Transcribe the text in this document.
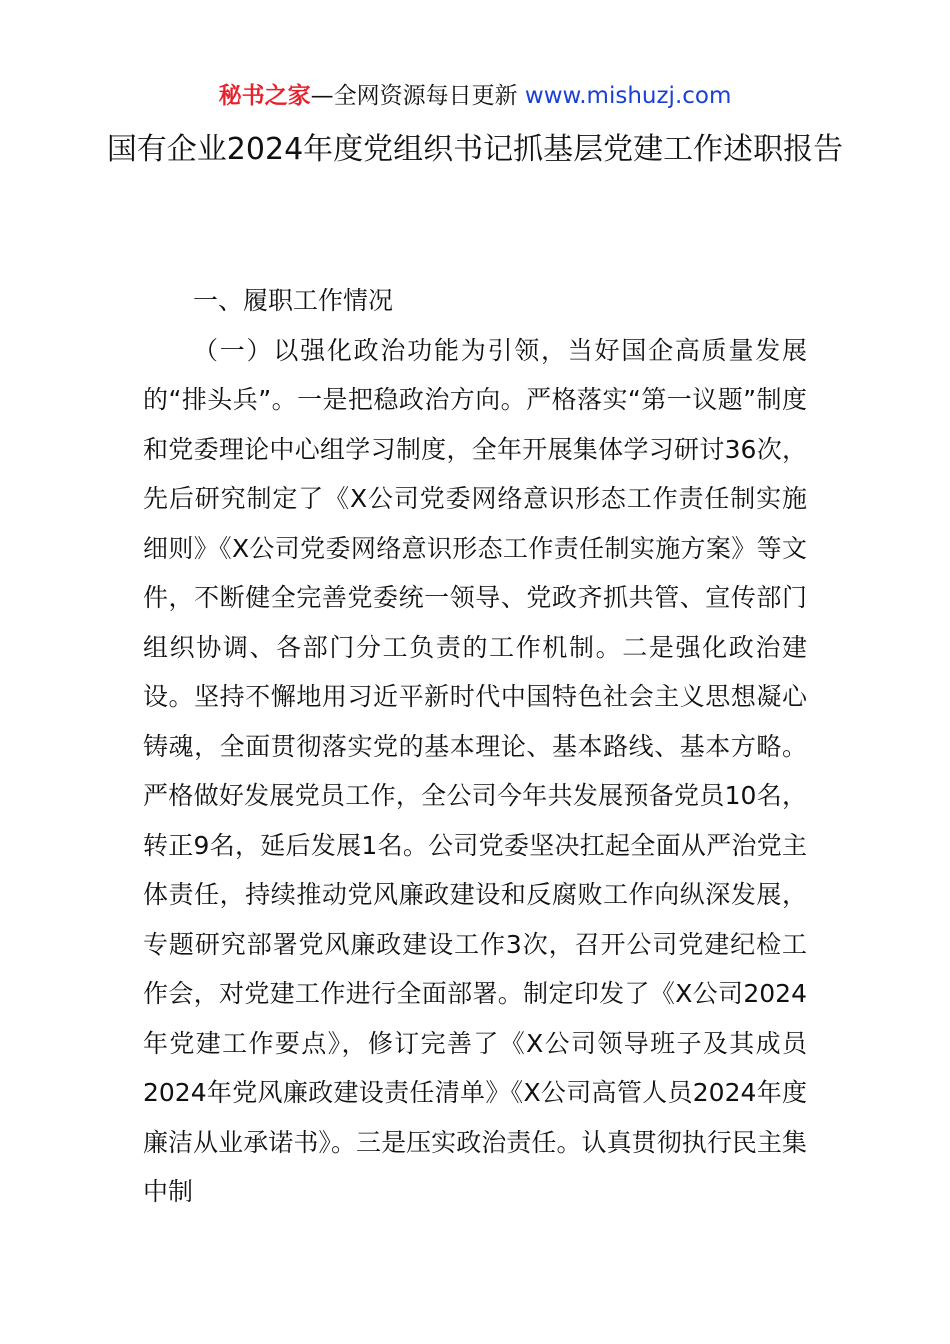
秘书之家—全网资源每日更新 www.mishuzj.com
国有企业2024年度党组织书记抓基层党建工作述职报告

一、履职工作情况

（一）以强化政治功能为引领，当好国企高质量发展的“排头兵”。一是把稳政治方向。严格落实“第一议题”制度和党委理论中心组学习制度，全年开展集体学习研讨36次，先后研究制定了《X公司党委网络意识形态工作责任制实施细则》《X公司党委网络意识形态工作责任制实施方案》等文件，不断健全完善党委统一领导、党政齐抓共管、宣传部门组织协调、各部门分工负责的工作机制。二是强化政治建设。坚持不懈地用习近平新时代中国特色社会主义思想凝心铸魂，全面贯彻落实党的基本理论、基本路线、基本方略。严格做好发展党员工作，全公司今年共发展预备党员10名，转正9名，延后发展1名。公司党委坚决扛起全面从严治党主体责任，持续推动党风廉政建设和反腐败工作向纵深发展，专题研究部署党风廉政建设工作3次，召开公司党建纪检工作会，对党建工作进行全面部署。制定印发了《X公司2024年党建工作要点》，修订完善了《X公司领导班子及其成员2024年党风廉政建设责任清单》《X公司高管人员2024年度廉洁从业承诺书》。三是压实政治责任。认真贯彻执行民主集中制
